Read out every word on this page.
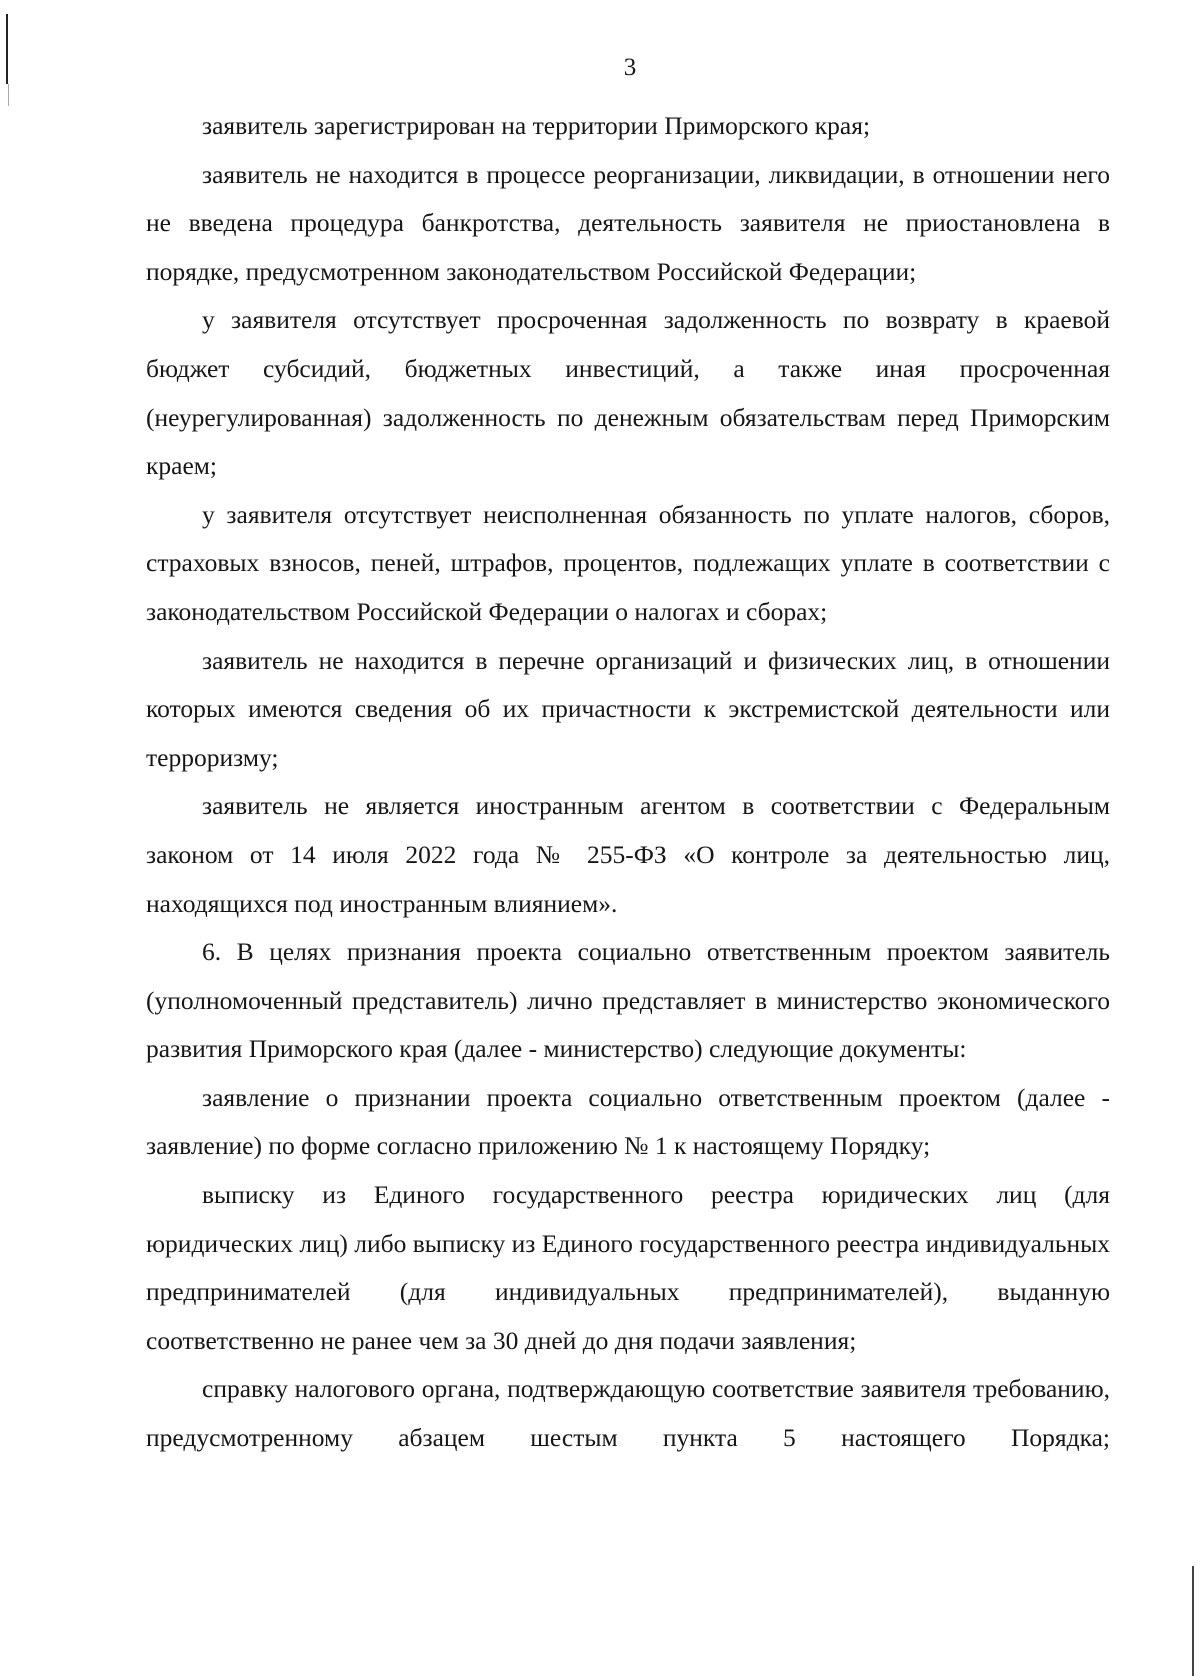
3

заявитель зарегистрирован на территории Приморского края;

заявитель не находится в процессе реорганизации, ликвидации, в отношении него не введена процедура банкротства, деятельность заявителя не приостановлена в порядке, предусмотренном законодательством Российской Федерации;

у заявителя отсутствует просроченная задолженность по возврату в краевой бюджет субсидий, бюджетных инвестиций, а также иная просроченная (неурегулированная) задолженность по денежным обязательствам перед Приморским краем;

у заявителя отсутствует неисполненная обязанность по уплате налогов, сборов, страховых взносов, пеней, штрафов, процентов, подлежащих уплате в соответствии с законодательством Российской Федерации о налогах и сборах;

заявитель не находится в перечне организаций и физических лиц, в отношении которых имеются сведения об их причастности к экстремистской деятельности или терроризму;

заявитель не является иностранным агентом в соответствии с Федеральным законом от 14 июля 2022 года № 255-ФЗ «О контроле за деятельностью лиц, находящихся под иностранным влиянием».

6. В целях признания проекта социально ответственным проектом заявитель (уполномоченный представитель) лично представляет в министерство экономического развития Приморского края (далее - министерство) следующие документы:

заявление о признании проекта социально ответственным проектом (далее - заявление) по форме согласно приложению № 1 к настоящему Порядку;

выписку из Единого государственного реестра юридических лиц (для юридических лиц) либо выписку из Единого государственного реестра индивидуальных предпринимателей (для индивидуальных предпринимателей), выданную соответственно не ранее чем за 30 дней до дня подачи заявления;

справку налогового органа, подтверждающую соответствие заявителя требованию, предусмотренному абзацем шестым пункта 5 настоящего Порядка;
